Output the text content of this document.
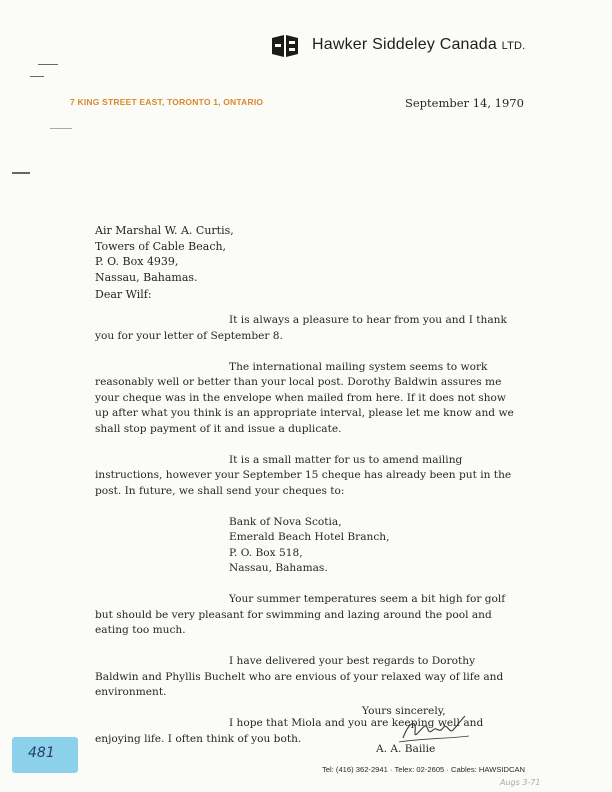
Hawker Siddeley Canada LTD.
7 KING STREET EAST, TORONTO 1, ONTARIO	September 14, 1970
Air Marshal W. A. Curtis,
Towers of Cable Beach,
P. O. Box 4939,
Nassau, Bahamas.
Dear Wilf:

It is always a pleasure to hear from you and I thank you for your letter of September 8.

The international mailing system seems to work reasonably well or better than your local post. Dorothy Baldwin assures me your cheque was in the envelope when mailed from here. If it does not show up after what you think is an appropriate interval, please let me know and we shall stop payment of it and issue a duplicate.

It is a small matter for us to amend mailing instructions, however your September 15 cheque has already been put in the post. In future, we shall send your cheques to:

Bank of Nova Scotia,
Emerald Beach Hotel Branch,
P. O. Box 518,
Nassau, Bahamas.

Your summer temperatures seem a bit high for golf but should be very pleasant for swimming and lazing around the pool and eating too much.

I have delivered your best regards to Dorothy Baldwin and Phyllis Buchelt who are envious of your relaxed way of life and environment.

I hope that Miola and you are keeping well and enjoying life. I often think of you both.

Yours sincerely,
A. A. Bailie
Tel: (416) 362-2941 · Telex: 02-2605 · Cables: HAWSIDCAN
481
Augs 3-71
